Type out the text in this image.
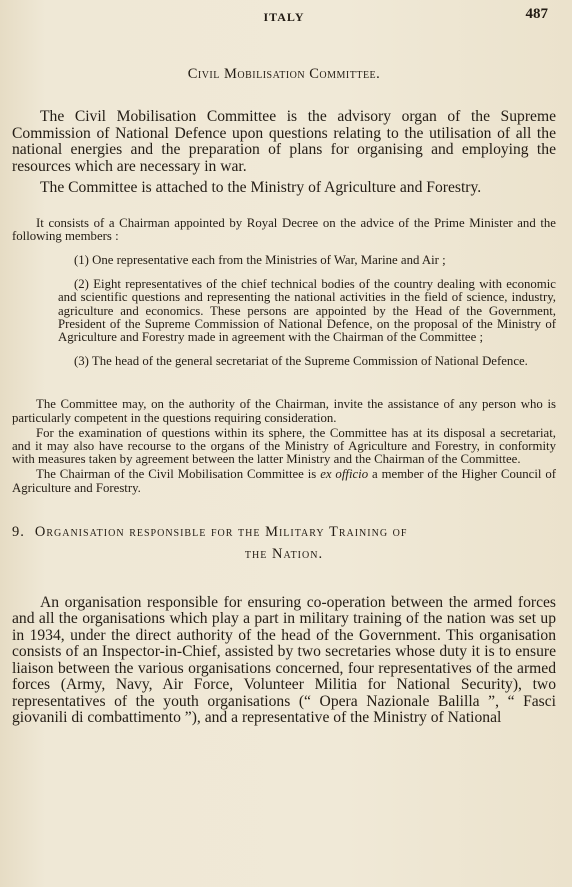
ITALY	487
Civil Mobilisation Committee.

The Civil Mobilisation Committee is the advisory organ of the Supreme Commission of National Defence upon questions relating to the utilisation of all the national energies and the preparation of plans for organising and employing the resources which are necessary in war.

The Committee is attached to the Ministry of Agriculture and Forestry.

It consists of a Chairman appointed by Royal Decree on the advice of the Prime Minister and the following members :

(1) One representative each from the Ministries of War, Marine and Air ;

(2) Eight representatives of the chief technical bodies of the country dealing with economic and scientific questions and representing the national activities in the field of science, industry, agriculture and economics. These persons are appointed by the Head of the Government, President of the Supreme Commission of National Defence, on the proposal of the Ministry of Agriculture and Forestry made in agreement with the Chairman of the Committee ;

(3) The head of the general secretariat of the Supreme Commission of National Defence.

The Committee may, on the authority of the Chairman, invite the assistance of any person who is particularly competent in the questions requiring consideration.

For the examination of questions within its sphere, the Committee has at its disposal a secretariat, and it may also have recourse to the organs of the Ministry of Agriculture and Forestry, in conformity with measures taken by agreement between the latter Ministry and the Chairman of the Committee.

The Chairman of the Civil Mobilisation Committee is ex officio a member of the Higher Council of Agriculture and Forestry.

9. Organisation responsible for the Military Training of
the Nation.

An organisation responsible for ensuring co-operation between the armed forces and all the organisations which play a part in military training of the nation was set up in 1934, under the direct authority of the head of the Government. This organisation consists of an Inspector-in-Chief, assisted by two secretaries whose duty it is to ensure liaison between the various organisations concerned, four representatives of the armed forces (Army, Navy, Air Force, Volunteer Militia for National Security), two representatives of the youth organisations (“ Opera Nazionale Balilla ”, “ Fasci giovanili di combattimento ”), and a representative of the Ministry of National
